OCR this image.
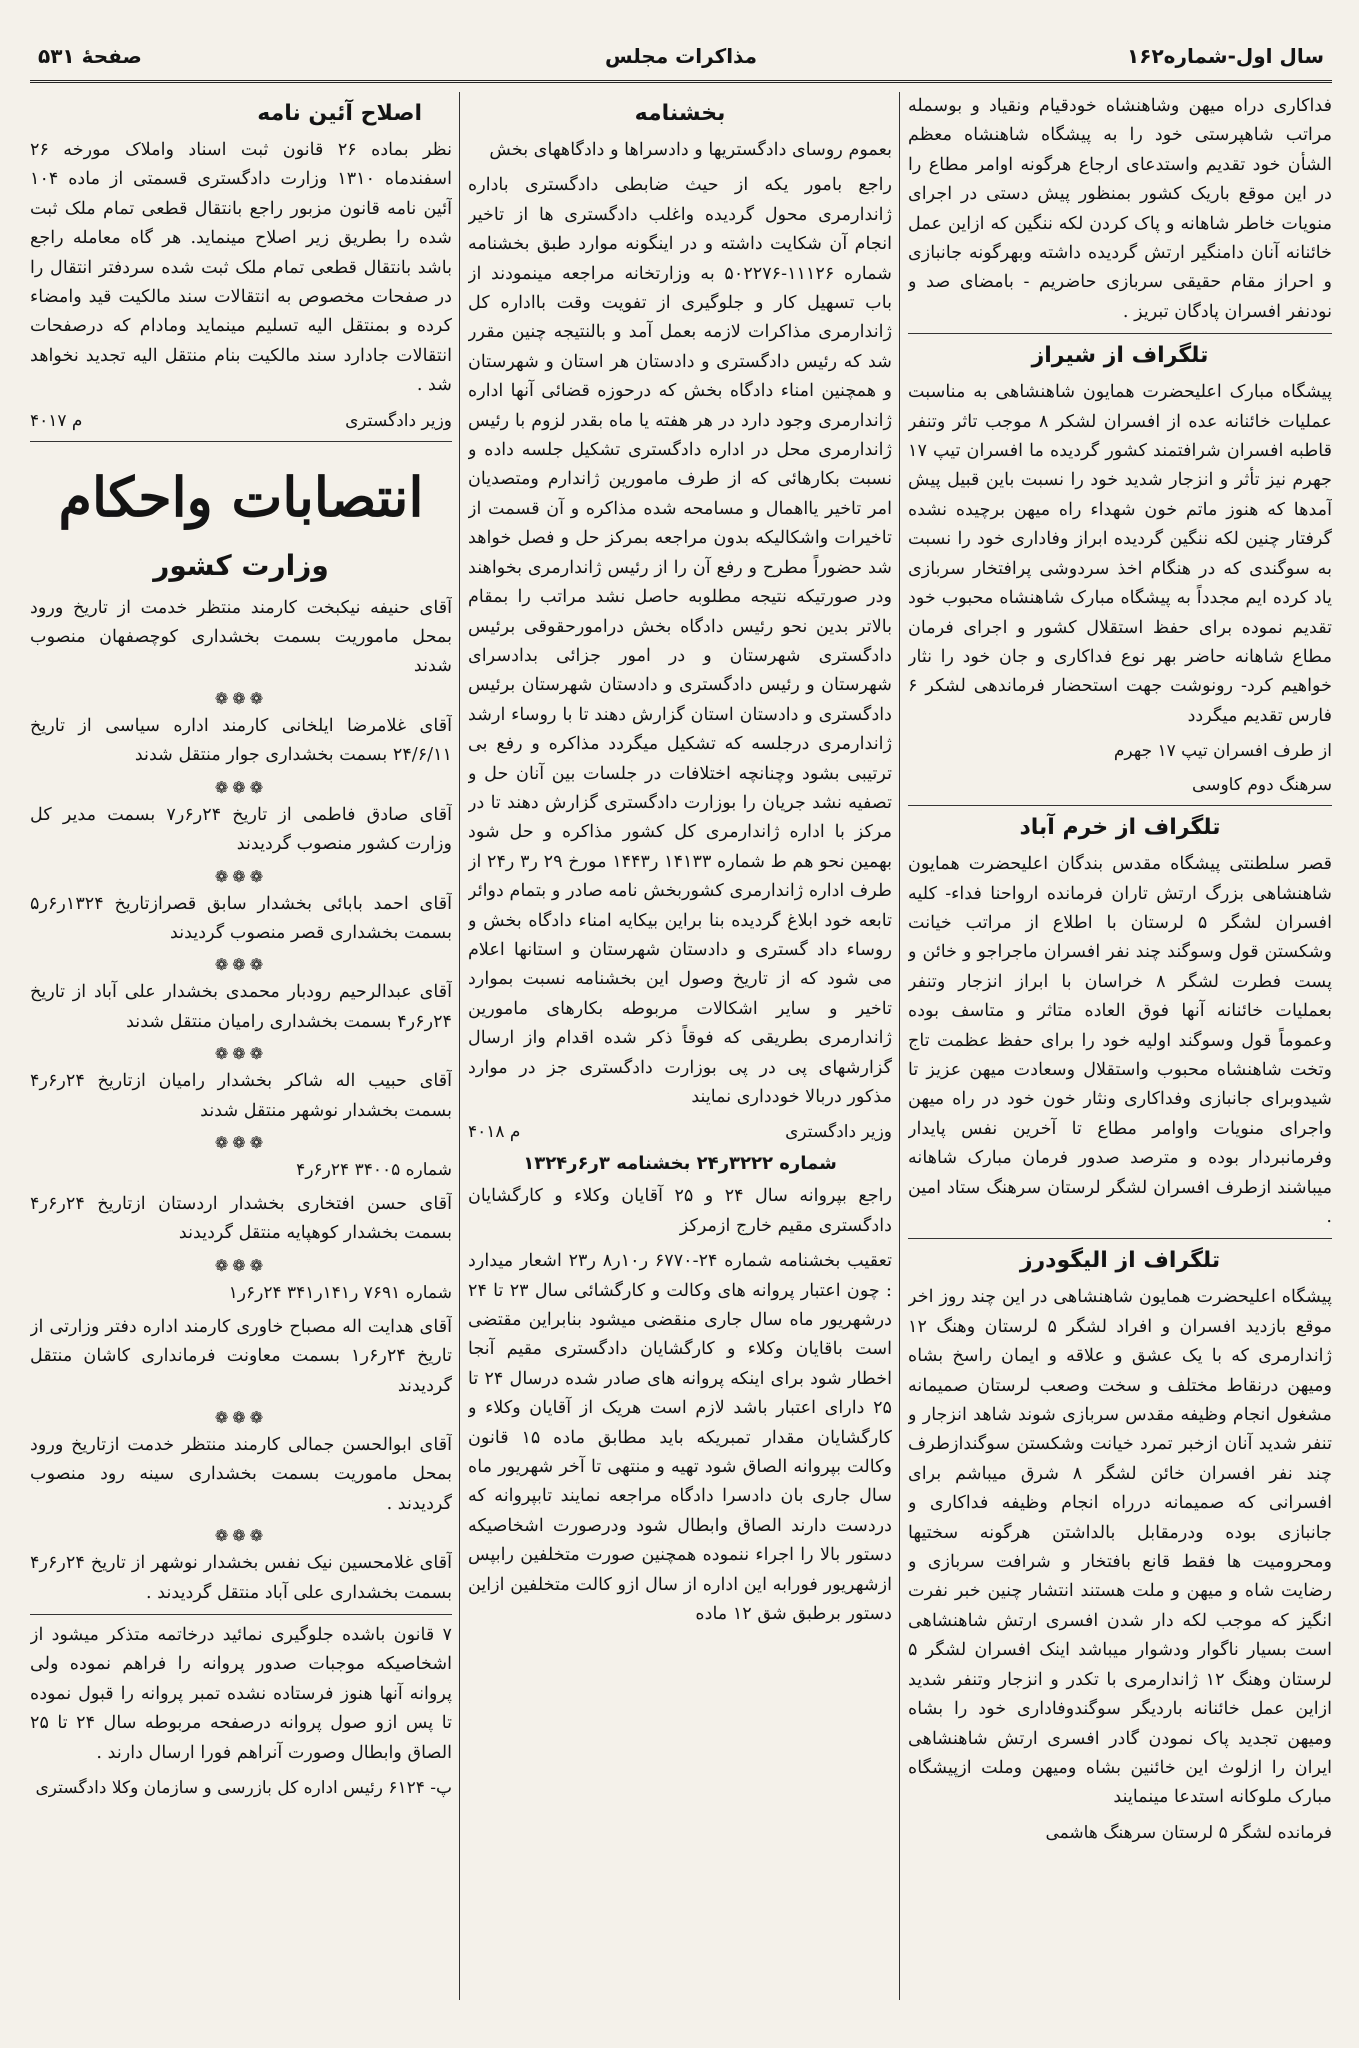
سال اول-شماره۱۶۲
مذاکرات مجلس
صفحهٔ ۵۳۱

فداکاری دراه میهن وشاهنشاه خودقیام ونقیاد و بوسمله مراتب شاهپرستی خود را به پیشگاه شاهنشاه معظم الشأن خود تقدیم واستدعای ارجاع هرگونه اوامر مطاع را در این موقع باریک کشور بمنظور پیش دستی در اجرای منویات خاطر شاهانه و پاک کردن لکه ننگین که ازاین عمل خائنانه آنان دامنگیر ارتش گردیده داشته وبهرگونه جانبازی و احراز مقام حقیقی سربازی حاضریم - بامضای صد و نودنفر افسران پادگان تبریز .

تلگراف از شیراز

پیشگاه مبارک اعلیحضرت همایون شاهنشاهی به مناسبت عملیات خائنانه عده از افسران لشکر ۸ موجب تاثر وتنفر قاطبه افسران شرافتمند کشور گردیده ما افسران تیپ ۱۷ جهرم نیز تأثر و انزجار شدید خود را نسبت باین قبیل پیش آمدها که هنوز ماتم خون شهداء راه میهن برچیده نشده گرفتار چنین لکه ننگین گردیده ابراز وفاداری خود را نسبت به سوگندی که در هنگام اخذ سردوشی پرافتخار سربازی یاد کرده ایم مجدداً به پیشگاه مبارک شاهنشاه محبوب خود تقدیم نموده برای حفظ استقلال کشور و اجرای فرمان مطاع شاهانه حاضر بهر نوع فداکاری و جان خود را نثار خواهیم کرد- رونوشت جهت استحضار فرماندهی لشکر ۶ فارس تقدیم میگردد

از طرف افسران تیپ ۱۷ جهرم
سرهنگ دوم کاوسی
تلگراف از خرم آباد

قصر سلطنتی پیشگاه مقدس بندگان اعلیحضرت همایون شاهنشاهی بزرگ ارتش تاران فرمانده ارواحنا فداء- کلیه افسران لشگر ۵ لرستان با اطلاع از مراتب خیانت وشکستن قول وسوگند چند نفر افسران ماجراجو و خائن و پست فطرت لشگر ۸ خراسان با ابراز انزجار وتنفر بعملیات خائنانه آنها فوق العاده متاثر و متاسف بوده وعموماً قول وسوگند اولیه خود را برای حفظ عظمت تاج وتخت شاهنشاه محبوب واستقلال وسعادت میهن عزیز تا شیدوبرای جانبازی وفداکاری ونثار خون خود در راه میهن واجرای منویات واوامر مطاع تا آخرین نفس پایدار وفرمانبردار بوده و مترصد صدور فرمان مبارک شاهانه میباشند ازطرف افسران لشگر لرستان سرهنگ ستاد امین .

تلگراف از الیگودرز

پیشگاه اعلیحضرت همایون شاهنشاهی در این چند روز اخر موقع بازدید افسران و افراد لشگر ۵ لرستان وهنگ ۱۲ ژاندارمری که با یک عشق و علاقه و ایمان راسخ بشاه ومیهن درنقاط مختلف و سخت وصعب لرستان صمیمانه مشغول انجام وظیفه مقدس سربازی شوند شاهد انزجار و تنفر شدید آنان ازخبر تمرد خیانت وشکستن سوگندازطرف چند نفر افسران خائن لشگر ۸ شرق میباشم برای افسرانی که صمیمانه درراه انجام وظیفه فداکاری و جانبازی بوده ودرمقابل بالداشتن هرگونه سختیها ومحرومیت ها فقط قانع بافتخار و شرافت سربازی و رضایت شاه و میهن و ملت هستند انتشار چنین خبر نفرت انگیز که موجب لکه دار شدن افسری ارتش شاهنشاهی است بسیار ناگوار ودشوار میباشد اینک افسران لشگر ۵ لرستان وهنگ ۱۲ ژاندارمری با تکدر و انزجار وتنفر شدید ازاین عمل خائنانه باردیگر سوگندوفاداری خود را بشاه ومیهن تجدید پاک نمودن گادر افسری ارتش شاهنشاهی ایران را ازلوث این خائنین بشاه ومیهن وملت ازپیشگاه مبارک ملوکانه استدعا مینمایند

فرمانده لشگر ۵ لرستان سرهنگ هاشمی
بخشنامه

بعموم روسای دادگستریها و دادسراها و دادگاههای بخش

راجع بامور یکه از حیث ضابطی دادگستری باداره ژاندارمری محول گردیده واغلب دادگستری ها از تاخیر انجام آن شکایت داشته و در اینگونه موارد طبق بخشنامه شماره ۱۱۱۲۶-۵۰۲۲۷۶ به وزارتخانه مراجعه مینمودند از باب تسهیل کار و جلوگیری از تفویت وقت بااداره کل ژاندارمری مذاکرات لازمه بعمل آمد و بالنتیجه چنین مقرر شد که رئیس دادگستری و دادستان هر استان و شهرستان و همچنین امناء دادگاه بخش که درحوزه قضائی آنها اداره ژاندارمری وجود دارد در هر هفته یا ماه بقدر لزوم با رئیس ژاندارمری محل در اداره دادگستری تشکیل جلسه داده و نسبت بکارهائی که از طرف مامورین ژاندارم ومتصدیان امر تاخیر یااهمال و مسامحه شده مذاکره و آن قسمت از تاخیرات واشکالیکه بدون مراجعه بمرکز حل و فصل خواهد شد حضوراً مطرح و رفع آن را از رئیس ژاندارمری بخواهند ودر صورتیکه نتیجه مطلوبه حاصل نشد مراتب را بمقام بالاتر بدین نحو رئیس دادگاه بخش درامورحقوقی برئیس دادگستری شهرستان و در امور جزائی بدادسرای شهرستان و رئیس دادگستری و دادستان شهرستان برئیس دادگستری و دادستان استان گزارش دهند تا با روساء ارشد ژاندارمری درجلسه که تشکیل میگردد مذاکره و رفع بی ترتیبی بشود وچنانچه اختلافات در جلسات بین آنان حل و تصفیه نشد جریان را بوزارت دادگستری گزارش دهند تا در مرکز با اداره ژاندارمری کل کشور مذاکره و حل شود بهمین نحو هم ط شماره ۱۴۱۳۳ ر۱۴۴۳ مورخ ۲۹ ر۳ ر۲۴ از طرف اداره ژاندارمری کشوربخش نامه صادر و بتمام دوائر تابعه خود ابلاغ گردیده بنا براین بیکایه امناء دادگاه بخش و روساء داد گستری و دادستان شهرستان و استانها اعلام می شود که از تاریخ وصول این بخشنامه نسبت بموارد تاخیر و سایر اشکالات مربوطه بکارهای مامورین ژاندارمری بطریقی که فوقاً ذکر شده اقدام واز ارسال گزارشهای پی در پی بوزارت دادگستری جز در موارد مذکور دربالا خودداری نمایند

وزیر دادگستری
م ۴۰۱۸
شماره ۳۲۲۲ر۲۴ بخشنامه ۳ر۶ر۱۳۲۴

راجع بپروانه سال ۲۴ و ۲۵ آقایان وکلاء و کارگشایان دادگستری مقیم خارج ازمرکز

تعقیب بخشنامه شماره ۲۴-۶۷۷۰ ر۱۰ر۸ ر۲۳ اشعار میدارد : چون اعتبار پروانه های وکالت و کارگشائی سال ۲۳ تا ۲۴ درشهریور ماه سال جاری منقضی میشود بنابراین مقتضی است باقایان وکلاء و کارگشایان دادگستری مقیم آنجا اخطار شود برای اینکه پروانه های صادر شده درسال ۲۴ تا ۲۵ دارای اعتبار باشد لازم است هریک از آقایان وکلاء و کارگشایان مقدار تمبریکه باید مطابق ماده ۱۵ قانون وکالت بپروانه الصاق شود تهیه و منتهی تا آخر شهریور ماه سال جاری بان دادسرا دادگاه مراجعه نمایند تابپروانه که دردست دارند الصاق وابطال شود ودرصورت اشخاصیکه دستور بالا را اجراء ننموده همچنین صورت متخلفین رابپس ازشهریور فورابه این اداره از سال ازو کالت متخلفین ازاین دستور برطبق شق ۱۲ ماده

اصلاح آئین نامه

نظر بماده ۲۶ قانون ثبت اسناد واملاک مورخه ۲۶ اسفندماه ۱۳۱۰ وزارت دادگستری قسمتی از ماده ۱۰۴ آئین نامه قانون مزبور راجع بانتقال قطعی تمام ملک ثبت شده را بطریق زیر اصلاح مینماید. هر گاه معامله راجع باشد بانتقال قطعی تمام ملک ثبت شده سردفتر انتقال را در صفحات مخصوص به انتقالات سند مالکیت قید وامضاء کرده و بمنتقل الیه تسلیم مینماید ومادام که درصفحات انتقالات جادارد سند مالکیت بنام منتقل الیه تجدید نخواهد شد .

وزیر دادگستری
م ۴۰۱۷
انتصابات واحکام
وزارت کشور

آقای حنیفه نیکبخت کارمند منتظر خدمت از تاریخ ورود بمحل ماموریت بسمت بخشداری کوچصفهان منصوب شدند

❁❁❁

آقای غلامرضا ایلخانی کارمند اداره سیاسی از تاریخ ۲۴/۶/۱۱ بسمت بخشداری جوار منتقل شدند

❁❁❁

آقای صادق فاطمی از تاریخ ۲۴ر۶ر۷ بسمت مدیر کل وزارت کشور منصوب گردیدند

❁❁❁

آقای احمد بابائی بخشدار سابق قصرازتاریخ ۱۳۲۴ر۶ر۵ بسمت بخشداری قصر منصوب گردیدند

❁❁❁

آقای عبدالرحیم رودبار محمدی بخشدار علی آباد از تاریخ ۲۴ر۶ر۴ بسمت بخشداری رامیان منتقل شدند

❁❁❁

آقای حبیب اله شاکر بخشدار رامیان ازتاریخ ۲۴ر۶ر۴ بسمت بخشدار نوشهر منتقل شدند

❁❁❁
شماره ۳۴۰۰۵ ۲۴ر۶ر۴

آقای حسن افتخاری بخشدار اردستان ازتاریخ ۲۴ر۶ر۴ بسمت بخشدار کوهپایه منتقل گردیدند

❁❁❁
شماره ۷۶۹۱ ر۱۴۱ر۳۴۱ ۲۴ر۶ر۱

آقای هدایت اله مصباح خاوری کارمند اداره دفتر وزارتی از تاریخ ۲۴ر۶ر۱ بسمت معاونت فرمانداری کاشان منتقل گردیدند

❁❁❁

آقای ابوالحسن جمالی کارمند منتظر خدمت ازتاریخ ورود بمحل ماموریت بسمت بخشداری سینه رود منصوب گردیدند .

❁❁❁

آقای غلامحسین نیک نفس بخشدار نوشهر از تاریخ ۲۴ر۶ر۴ بسمت بخشداری علی آباد منتقل گردیدند .

۷ قانون باشده جلوگیری نمائید درخاتمه متذکر میشود از اشخاصیکه موجبات صدور پروانه را فراهم نموده ولی پروانه آنها هنوز فرستاده نشده تمبر پروانه را قبول نموده تا پس ازو صول پروانه درصفحه مربوطه سال ۲۴ تا ۲۵ الصاق وابطال وصورت آنراهم فورا ارسال دارند .

پ- ۶۱۲۴ رئیس اداره کل بازرسی و سازمان وکلا دادگستری
